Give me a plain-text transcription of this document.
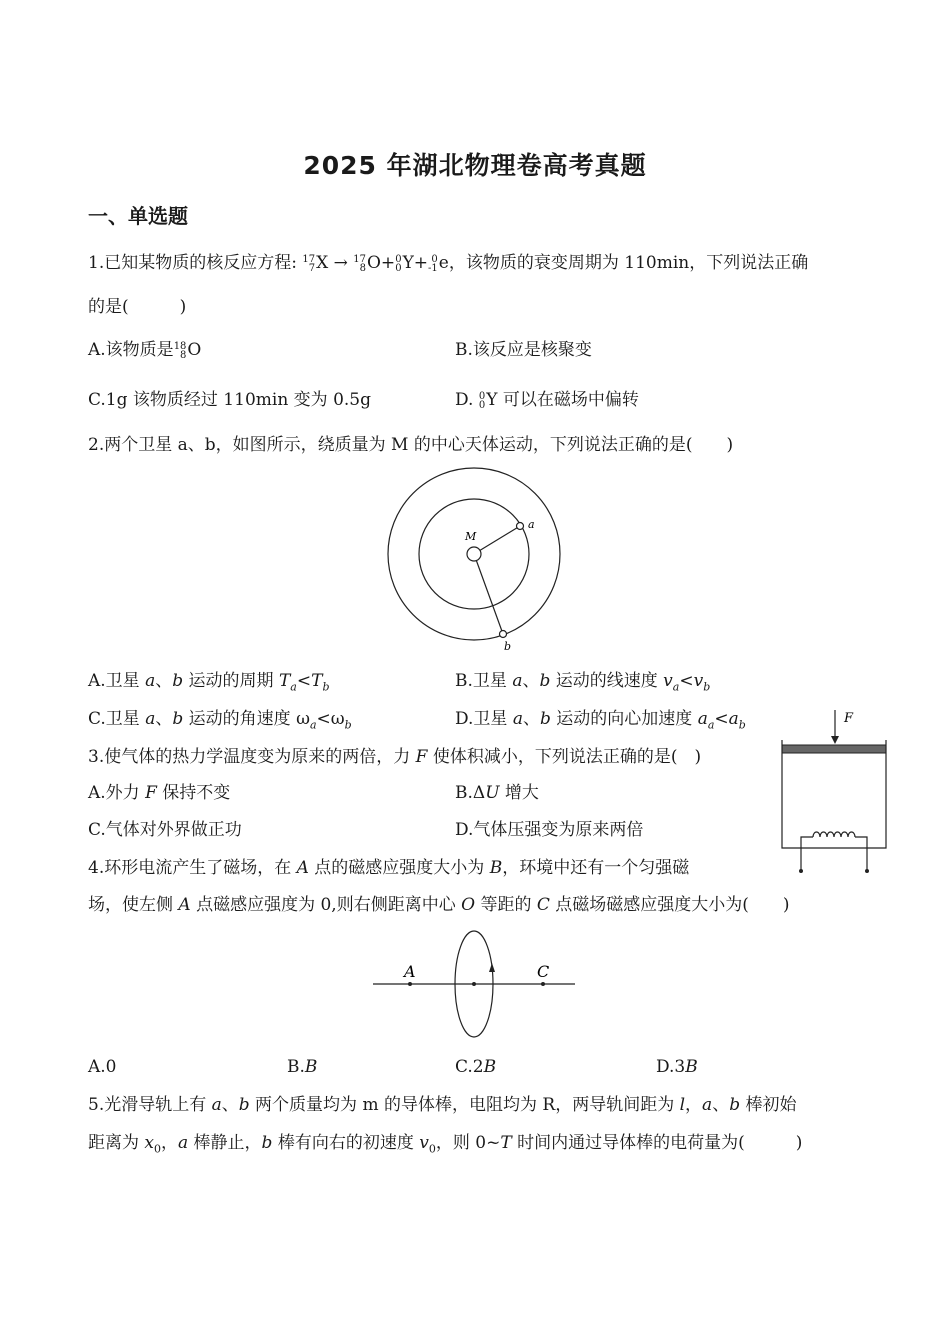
2025 年湖北物理卷高考真题
一、单选题
1.已知某物质的核反应方程: 17
7 X → 17
8 O+ 0
0 Y+ 0
-1 e，该物质的衰变周期为 110min，下列说法正确
的是(　　　)
A.该物质是 18
8 O	B.该反应是核聚变
C.1g 该物质经过 110min 变为 0.5g	D. 0
0 Y 可以在磁场中偏转
2.两个卫星 a、b，如图所示，绕质量为 M 的中心天体运动，下列说法正确的是(　　)
M
a
b
A.卫星 a、b 运动的周期 $T_a<T_b$	B.卫星 a、b 运动的线速度 $v_a<v_b$
C.卫星 a、b 运动的角速度 $\omega_a<\omega_b$	D.卫星 a、b 运动的向心加速度 $a_a<a_b$
3.使气体的热力学温度变为原来的两倍，力 F 使体积减小，下列说法正确的是(　)
F
A.外力 F 保持不变	B.ΔU 增大
C.气体对外界做正功	D.气体压强变为原来两倍
4.环形电流产生了磁场，在 A 点的磁感应强度大小为 B，环境中还有一个匀强磁
场，使左侧 A 点磁感应强度为 0,则右侧距离中心 O 等距的 C 点磁场磁感应强度大小为(　　)
A	C
A.0	B.B	C.2B	D.3B
5.光滑导轨上有 a、b 两个质量均为 m 的导体棒，电阻均为 R，两导轨间距为 l，a、b 棒初始
距离为 $x_0$，a 棒静止，b 棒有向右的初速度 $v_0$，则 0~T 时间内通过导体棒的电荷量为(　　　)
